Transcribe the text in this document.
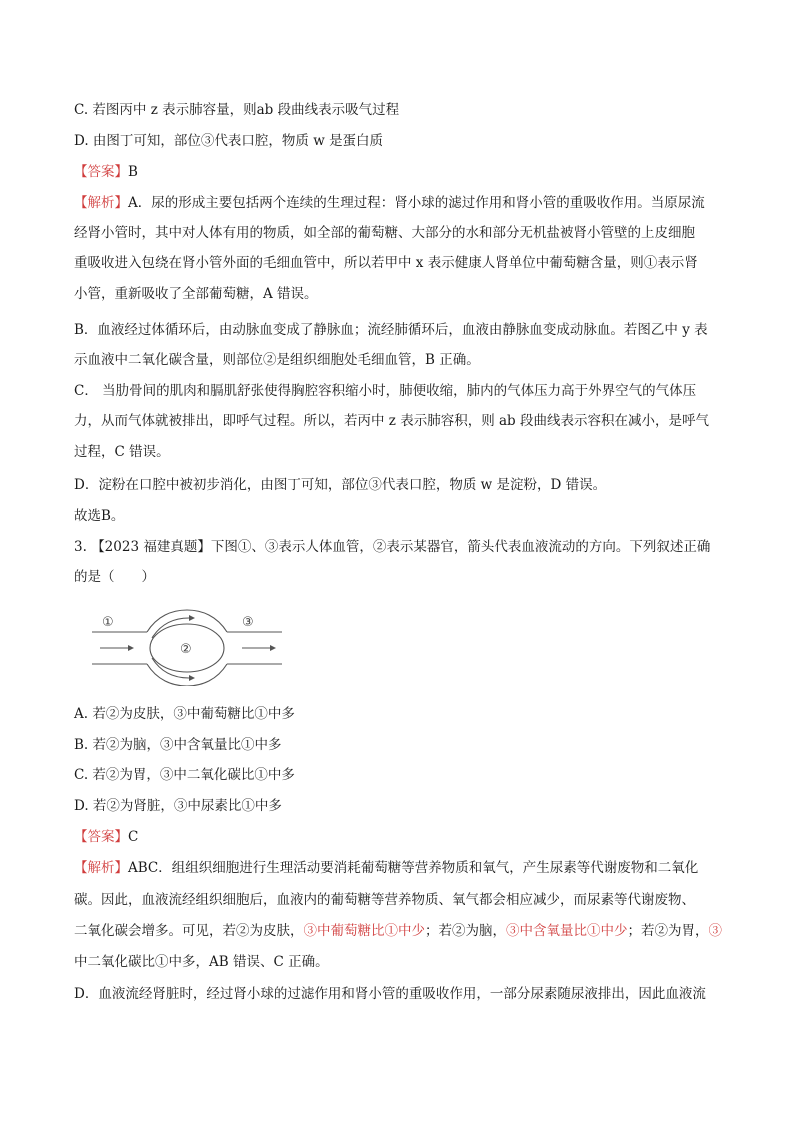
C. 若图丙中 z 表示肺容量，则ab 段曲线表示吸气过程
D. 由图丁可知，部位③代表口腔，物质 w 是蛋白质
【答案】B
【解析】A．尿的形成主要包括两个连续的生理过程：肾小球的滤过作用和肾小管的重吸收作用。当原尿流
经肾小管时，其中对人体有用的物质，如全部的葡萄糖、大部分的水和部分无机盐被肾小管壁的上皮细胞
重吸收进入包绕在肾小管外面的毛细血管中，所以若甲中 x 表示健康人肾单位中葡萄糖含量，则①表示肾
小管，重新吸收了全部葡萄糖，A 错误。
B．血液经过体循环后，由动脉血变成了静脉血；流经肺循环后，血液由静脉血变成动脉血。若图乙中 y 表
示血液中二氧化碳含量，则部位②是组织细胞处毛细血管，B 正确。
C． 当肋骨间的肌肉和膈肌舒张使得胸腔容积缩小时，肺便收缩，肺内的气体压力高于外界空气的气体压
力，从而气体就被排出，即呼气过程。所以，若丙中 z 表示肺容积，则 ab 段曲线表示容积在减小，是呼气
过程，C 错误。
D．淀粉在口腔中被初步消化，由图丁可知，部位③代表口腔，物质 w 是淀粉，D 错误。
故选B。
3. 【2023 福建真题】下图①、③表示人体血管，②表示某器官，箭头代表血液流动的方向。下列叙述正确
的是（　　）
①
②
③
A. 若②为皮肤，③中葡萄糖比①中多
B. 若②为脑，③中含氧量比①中多
C. 若②为胃，③中二氧化碳比①中多
D. 若②为肾脏，③中尿素比①中多
【答案】C
【解析】ABC．组组织细胞进行生理活动要消耗葡萄糖等营养物质和氧气，产生尿素等代谢废物和二氧化
碳。因此，血液流经组织细胞后，血液内的葡萄糖等营养物质、氧气都会相应减少，而尿素等代谢废物、
二氧化碳会增多。可见，若②为皮肤，③中葡萄糖比①中少；若②为脑，③中含氧量比①中少；若②为胃，③
中二氧化碳比①中多，AB 错误、C 正确。
D．血液流经肾脏时，经过肾小球的过滤作用和肾小管的重吸收作用，一部分尿素随尿液排出，因此血液流
